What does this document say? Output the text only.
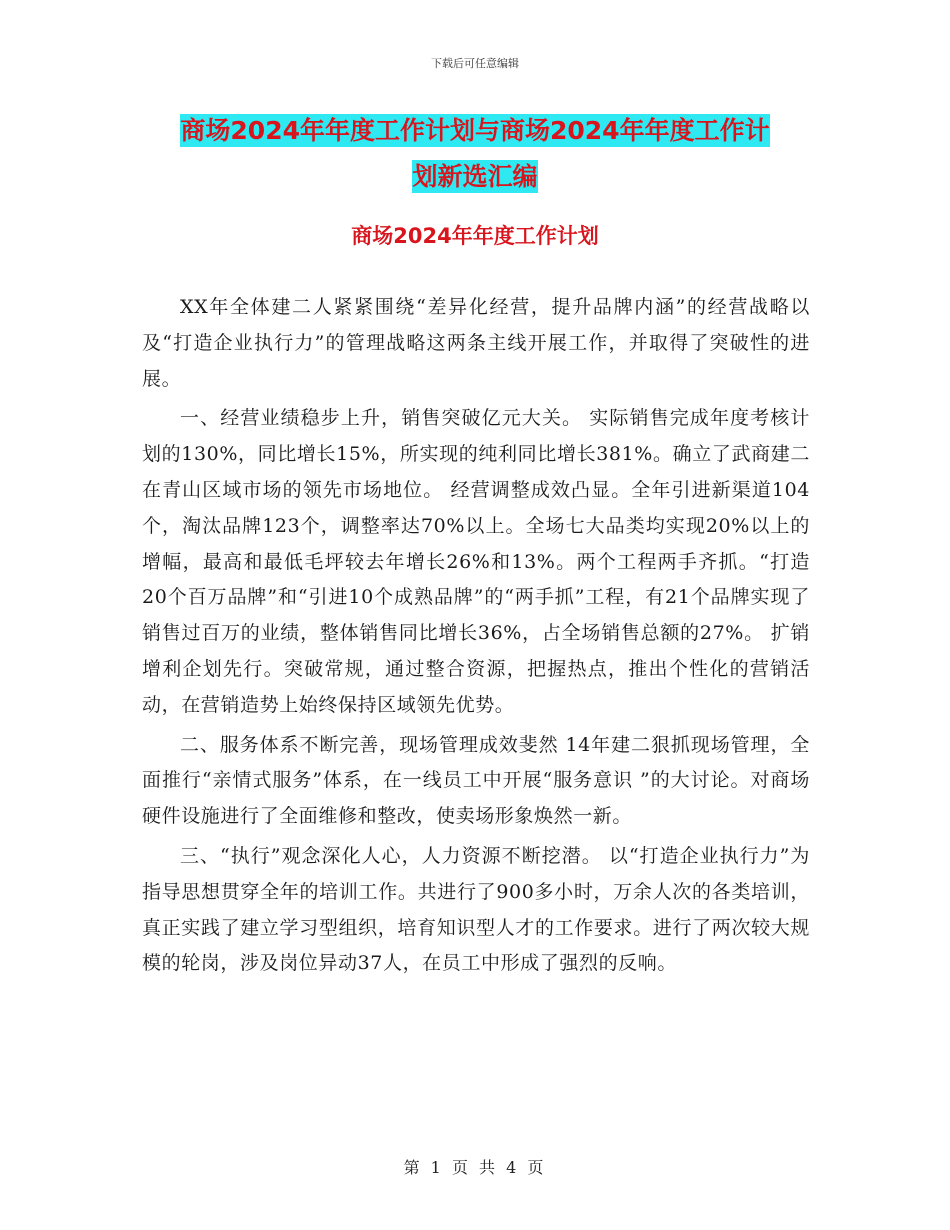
下载后可任意编辑
商场2024年年度工作计划与商场2024年年度工作计
划新选汇编
商场2024年年度工作计划

XX年全体建二人紧紧围绕“差异化经营，提升品牌内涵”的经营战略以及“打造企业执行力”的管理战略这两条主线开展工作，并取得了突破性的进展。

一、经营业绩稳步上升，销售突破亿元大关。 实际销售完成年度考核计划的130%，同比增长15%，所实现的纯利同比增长381%。确立了武商建二在青山区域市场的领先市场地位。 经营调整成效凸显。全年引进新渠道104个，淘汰品牌123个，调整率达70%以上。全场七大品类均实现20%以上的增幅，最高和最低毛坪较去年增长26%和13%。两个工程两手齐抓。“打造20个百万品牌”和“引进10个成熟品牌”的“两手抓”工程，有21个品牌实现了销售过百万的业绩，整体销售同比增长36%，占全场销售总额的27%。 扩销增利企划先行。突破常规，通过整合资源，把握热点，推出个性化的营销活动，在营销造势上始终保持区域领先优势。

二、服务体系不断完善，现场管理成效斐然 14年建二狠抓现场管理，全面推行“亲情式服务”体系，在一线员工中开展“服务意识 ”的大讨论。对商场硬件设施进行了全面维修和整改，使卖场形象焕然一新。

三、“执行”观念深化人心，人力资源不断挖潜。 以“打造企业执行力”为指导思想贯穿全年的培训工作。共进行了900多小时，万余人次的各类培训，真正实践了建立学习型组织，培育知识型人才的工作要求。进行了两次较大规模的轮岗，涉及岗位异动37人，在员工中形成了强烈的反响。

第 1 页 共 4 页
